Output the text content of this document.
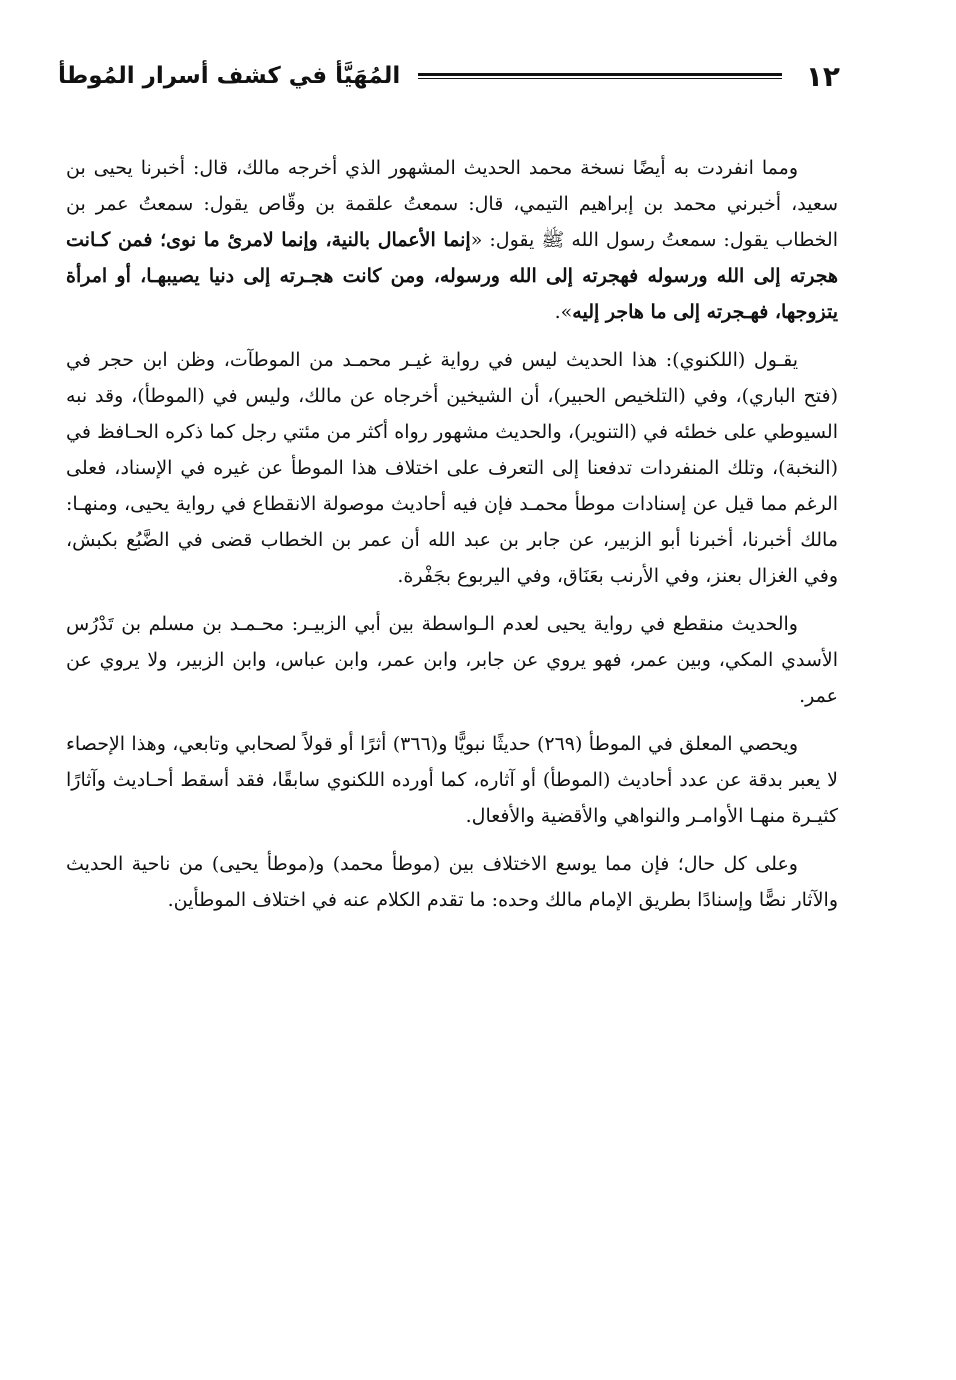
١٢
المُهَيَّأ في كشف أسرار المُوطأ

ومما انفردت به أيضًا نسخة محمد الحديث المشهور الذي أخرجه مالك، قال: أخبرنا يحيى بن سعيد، أخبرني محمد بن إبراهيم التيمي، قال: سمعتُ علقمة بن وقّاص يقول: سمعتُ عمر بن الخطاب يقول: سمعتُ رسول الله ﷺ يقول: «إنما الأعمال بالنية، وإنما لامرئ ما نوى؛ فمن كـانت هجرته إلى الله ورسوله فهجرته إلى الله ورسوله، ومن كانت هجـرته إلى دنيا يصيبهـا، أو امرأة يتزوجها، فهـجرته إلى ما هاجر إليه».

يقـول (اللكنوي): هذا الحديث ليس في رواية غيـر محمـد من الموطآت، وظن ابن حجر في (فتح الباري)، وفي (التلخيص الحبير)، أن الشيخين أخرجاه عن مالك، وليس في (الموطأ)، وقد نبه السيوطي على خطئه في (التنوير)، والحديث مشهور رواه أكثر من مئتي رجل كما ذكره الحـافظ في (النخبة)، وتلك المنفردات تدفعنا إلى التعرف على اختلاف هذا الموطأ عن غيره في الإسناد، فعلى الرغم مما قيل عن إسنادات موطأ محمـد فإن فيه أحاديث موصولة الانقطاع في رواية يحيى، ومنهـا: مالك أخبرنا، أخبرنا أبو الزبير، عن جابر بن عبد الله أن عمر بن الخطاب قضى في الضَّبُع بكبش، وفي الغزال بعنز، وفي الأرنب بعَنَاق، وفي اليربوع بجَفْرة.

والحديث منقطع في رواية يحيى لعدم الـواسطة بين أبي الزبيـر: محـمـد بن مسلم بن تَدْرُس الأسدي المكي، وبين عمر، فهو يروي عن جابر، وابن عمر، وابن عباس، وابن الزبير، ولا يروي عن عمر.

ويحصي المعلق في الموطأ (٢٦٩) حديثًا نبويًّا و(٣٦٦) أثرًا أو قولاً لصحابي وتابعي، وهذا الإحصاء لا يعبر بدقة عن عدد أحاديث (الموطأ) أو آثاره، كما أورده اللكنوي سابقًا، فقد أسقط أحـاديث وآثارًا كثيـرة منهـا الأوامـر والنواهي والأقضية والأفعال.

وعلى كل حال؛ فإن مما يوسع الاختلاف بين (موطأ محمد) و(موطأ يحيى) من ناحية الحديث والآثار نصًّا وإسنادًا بطريق الإمام مالك وحده: ما تقدم الكلام عنه في اختلاف الموطأين.
